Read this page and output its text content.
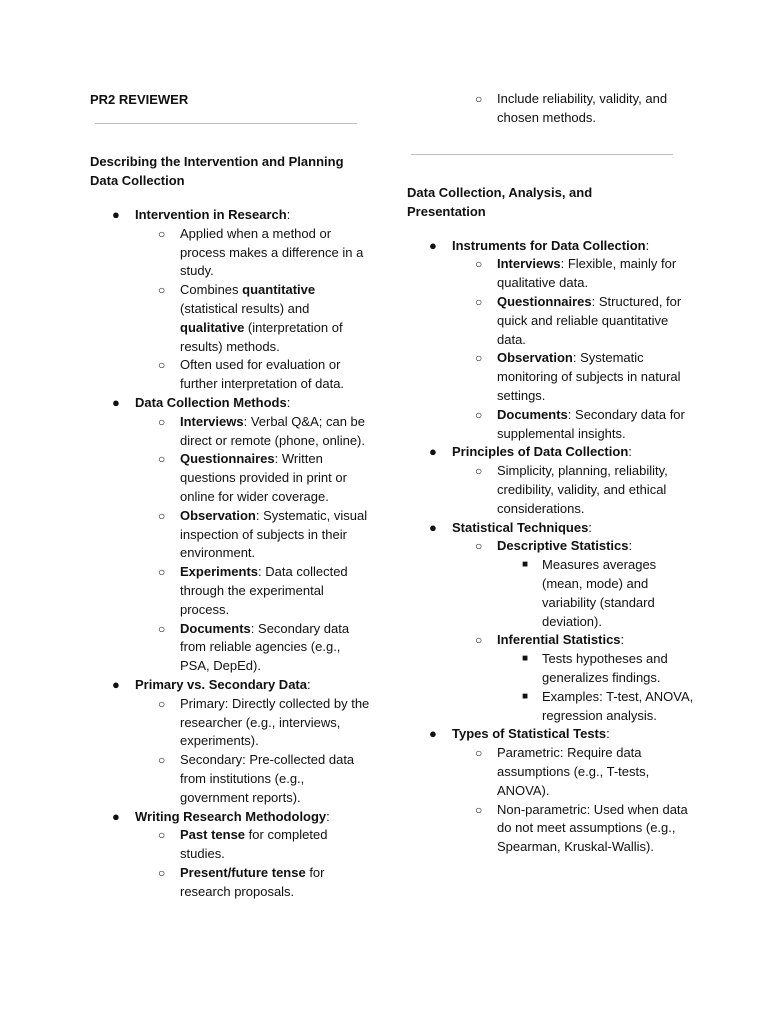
PR2 REVIEWER
Describing the Intervention and Planning Data Collection
● Intervention in Research:
○ Applied when a method or process makes a difference in a study.
○ Combines quantitative (statistical results) and qualitative (interpretation of results) methods.
○ Often used for evaluation or further interpretation of data.
● Data Collection Methods:
○ Interviews: Verbal Q&A; can be direct or remote (phone, online).
○ Questionnaires: Written questions provided in print or online for wider coverage.
○ Observation: Systematic, visual inspection of subjects in their environment.
○ Experiments: Data collected through the experimental process.
○ Documents: Secondary data from reliable agencies (e.g., PSA, DepEd).
● Primary vs. Secondary Data:
○ Primary: Directly collected by the researcher (e.g., interviews, experiments).
○ Secondary: Pre-collected data from institutions (e.g., government reports).
● Writing Research Methodology:
○ Past tense for completed studies.
○ Present/future tense for research proposals.
○ Include reliability, validity, and chosen methods.
Data Collection, Analysis, and Presentation
● Instruments for Data Collection:
○ Interviews: Flexible, mainly for qualitative data.
○ Questionnaires: Structured, for quick and reliable quantitative data.
○ Observation: Systematic monitoring of subjects in natural settings.
○ Documents: Secondary data for supplemental insights.
● Principles of Data Collection:
○ Simplicity, planning, reliability, credibility, validity, and ethical considerations.
● Statistical Techniques:
○ Descriptive Statistics:
■ Measures averages (mean, mode) and variability (standard deviation).
○ Inferential Statistics:
■ Tests hypotheses and generalizes findings.
■ Examples: T-test, ANOVA, regression analysis.
● Types of Statistical Tests:
○ Parametric: Require data assumptions (e.g., T-tests, ANOVA).
○ Non-parametric: Used when data do not meet assumptions (e.g., Spearman, Kruskal-Wallis).
